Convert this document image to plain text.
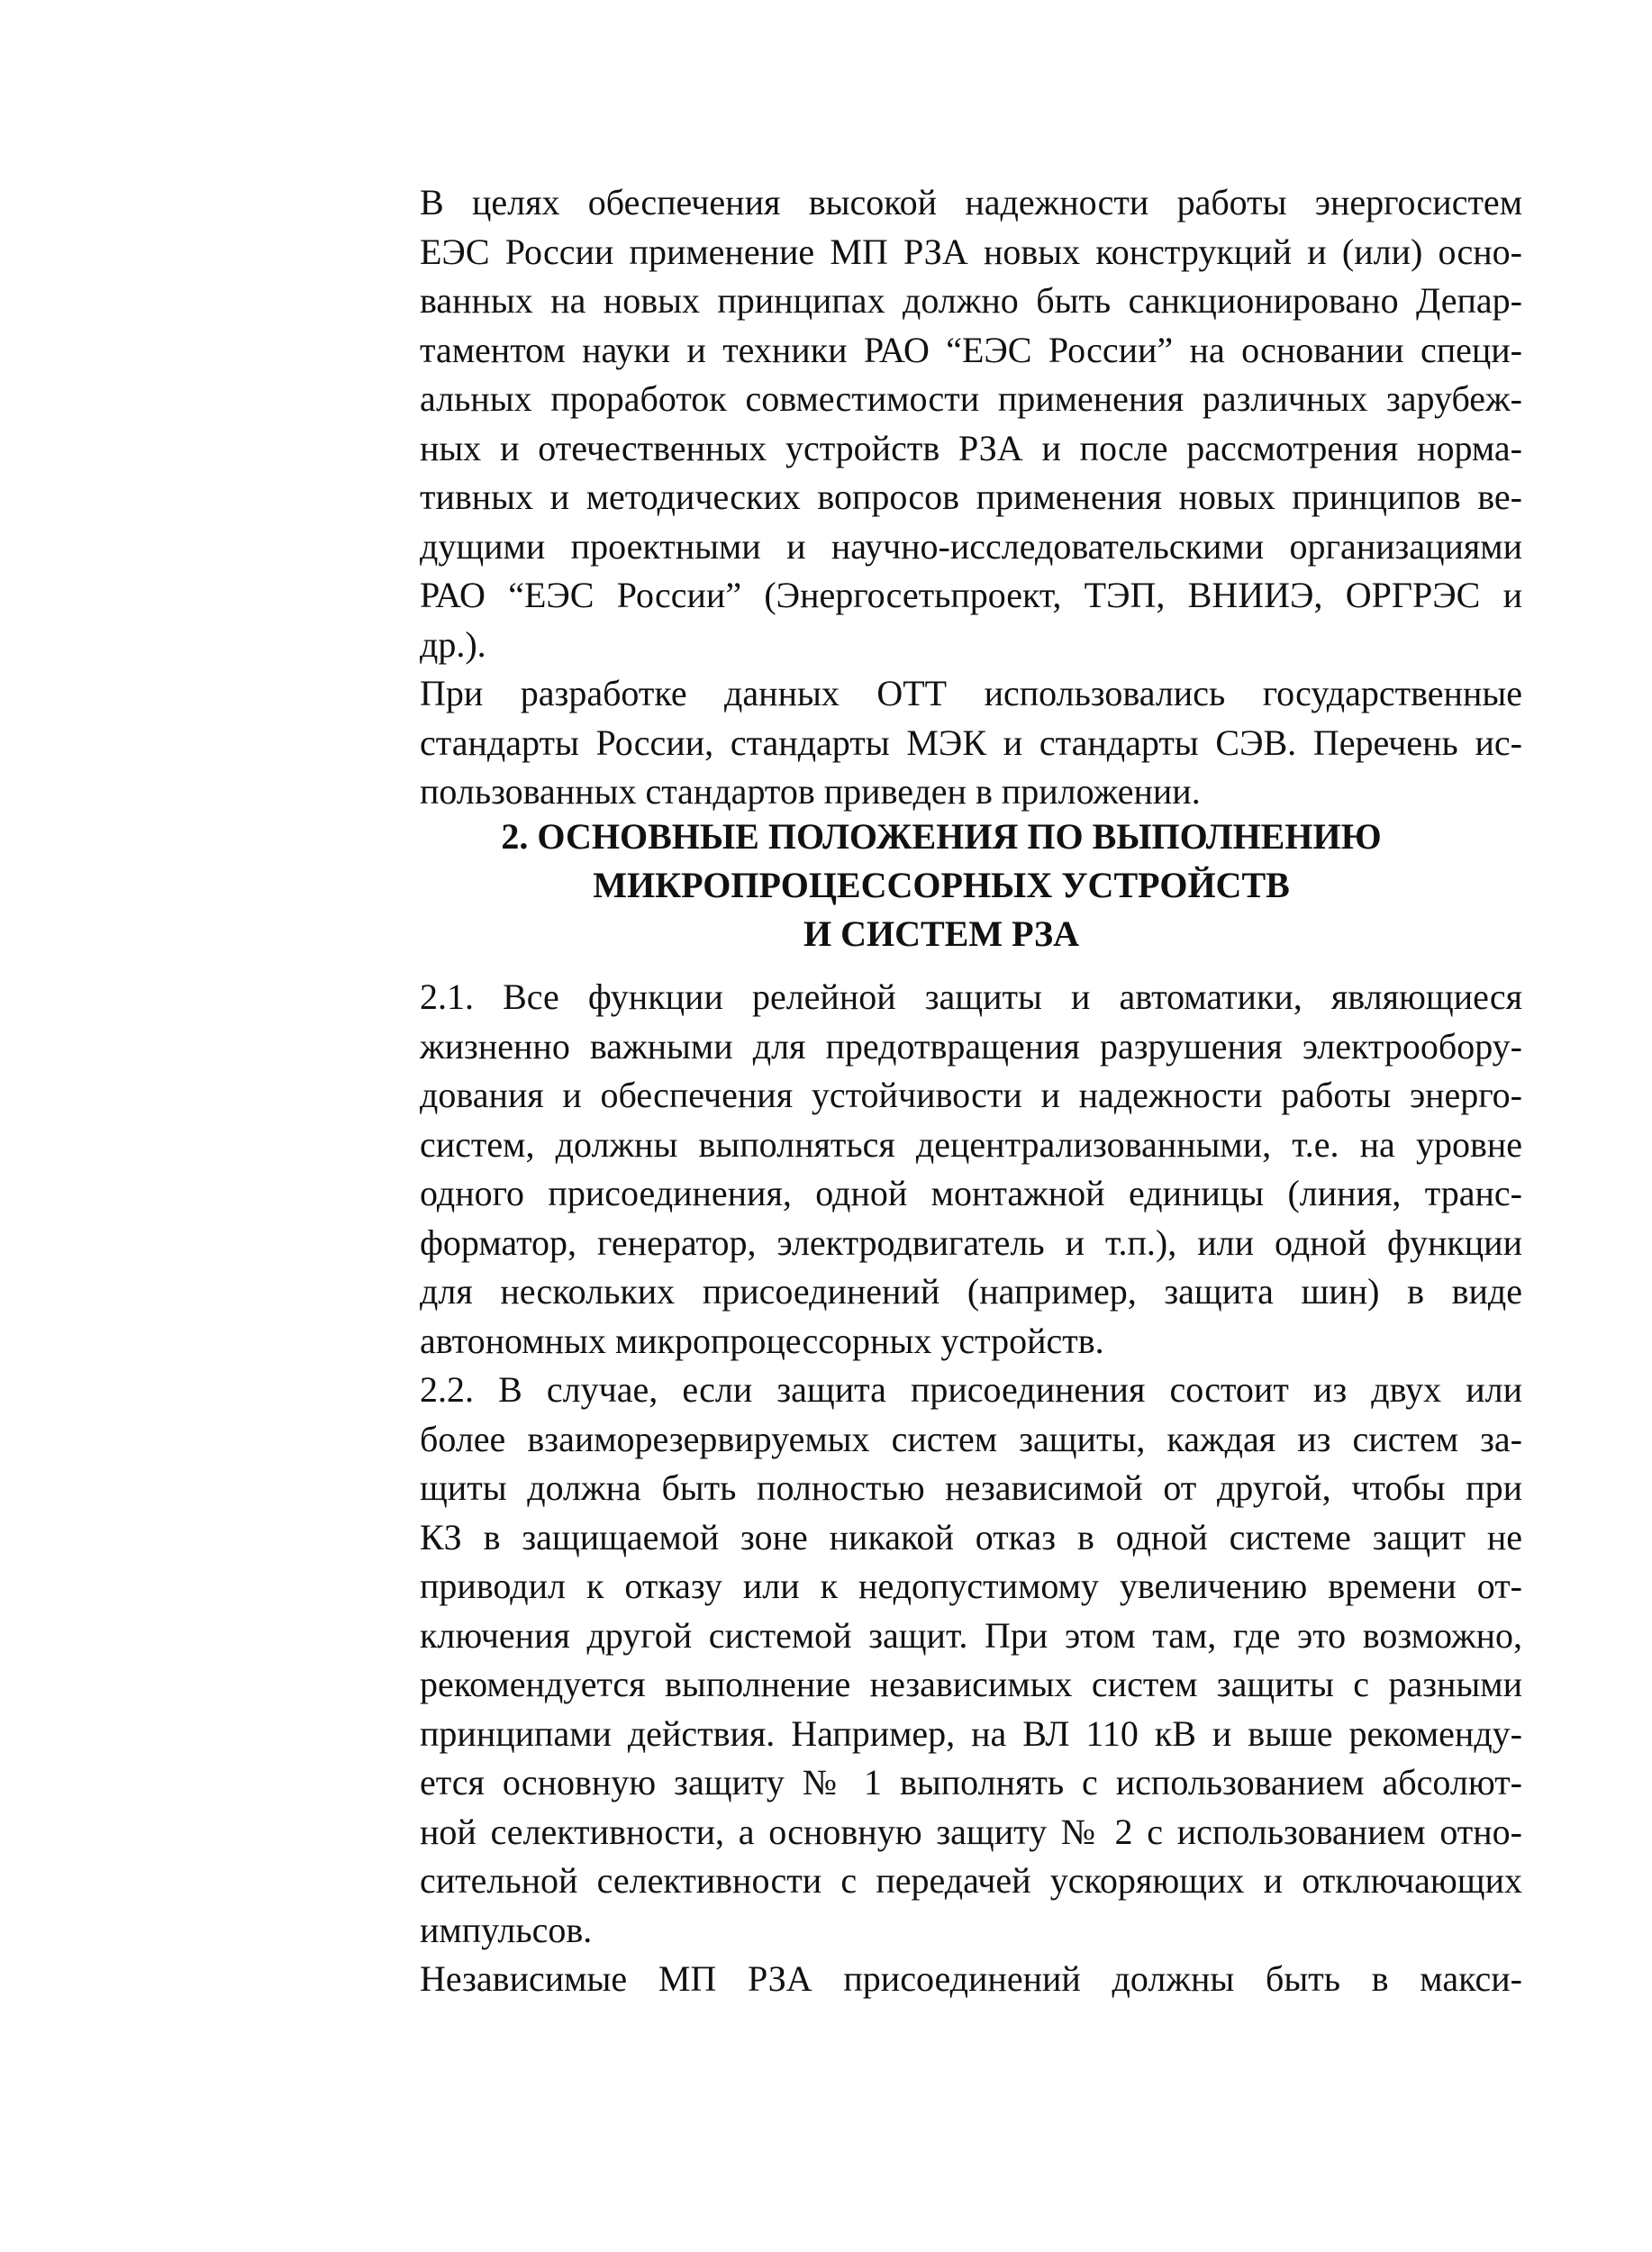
В целях обеспечения высокой надежности работы энергосистем
ЕЭС России применение МП РЗА новых конструкций и (или) осно-
ванных на новых принципах должно быть санкционировано Депар-
таментом науки и техники РАО “ЕЭС России” на основании специ-
альных проработок совместимости применения различных зарубеж-
ных и отечественных устройств РЗА и после рассмотрения норма-
тивных и методических вопросов применения новых принципов ве-
дущими проектными и научно-исследовательскими организациями
РАО “ЕЭС России” (Энергосетьпроект, ТЭП, ВНИИЭ, ОРГРЭС и
др.).

При разработке данных ОТТ использовались государственные
стандарты России, стандарты МЭК и стандарты СЭВ. Перечень ис-
пользованных стандартов приведен в приложении.

2. ОСНОВНЫЕ ПОЛОЖЕНИЯ ПО ВЫПОЛНЕНИЮ
МИКРОПРОЦЕССОРНЫХ УСТРОЙСТВ
И СИСТЕМ РЗА

2.1. Все функции релейной защиты и автоматики, являющиеся
жизненно важными для предотвращения разрушения электрообору-
дования и обеспечения устойчивости и надежности работы энерго-
систем, должны выполняться децентрализованными, т.е. на уровне
одного присоединения, одной монтажной единицы (линия, транс-
форматор, генератор, электродвигатель и т.п.), или одной функции
для нескольких присоединений (например, защита шин) в виде
автономных микропроцессорных устройств.

2.2. В случае, если защита присоединения состоит из двух или
более взаиморезервируемых систем защиты, каждая из систем за-
щиты должна быть полностью независимой от другой, чтобы при
КЗ в защищаемой зоне никакой отказ в одной системе защит не
приводил к отказу или к недопустимому увеличению времени от-
ключения другой системой защит. При этом там, где это возможно,
рекомендуется выполнение независимых систем защиты с разными
принципами действия. Например, на ВЛ 110 кВ и выше рекоменду-
ется основную защиту № 1 выполнять с использованием абсолют-
ной селективности, а основную защиту № 2 с использованием отно-
сительной селективности с передачей ускоряющих и отключающих
импульсов.

Независимые МП РЗА присоединений должны быть в макси-
